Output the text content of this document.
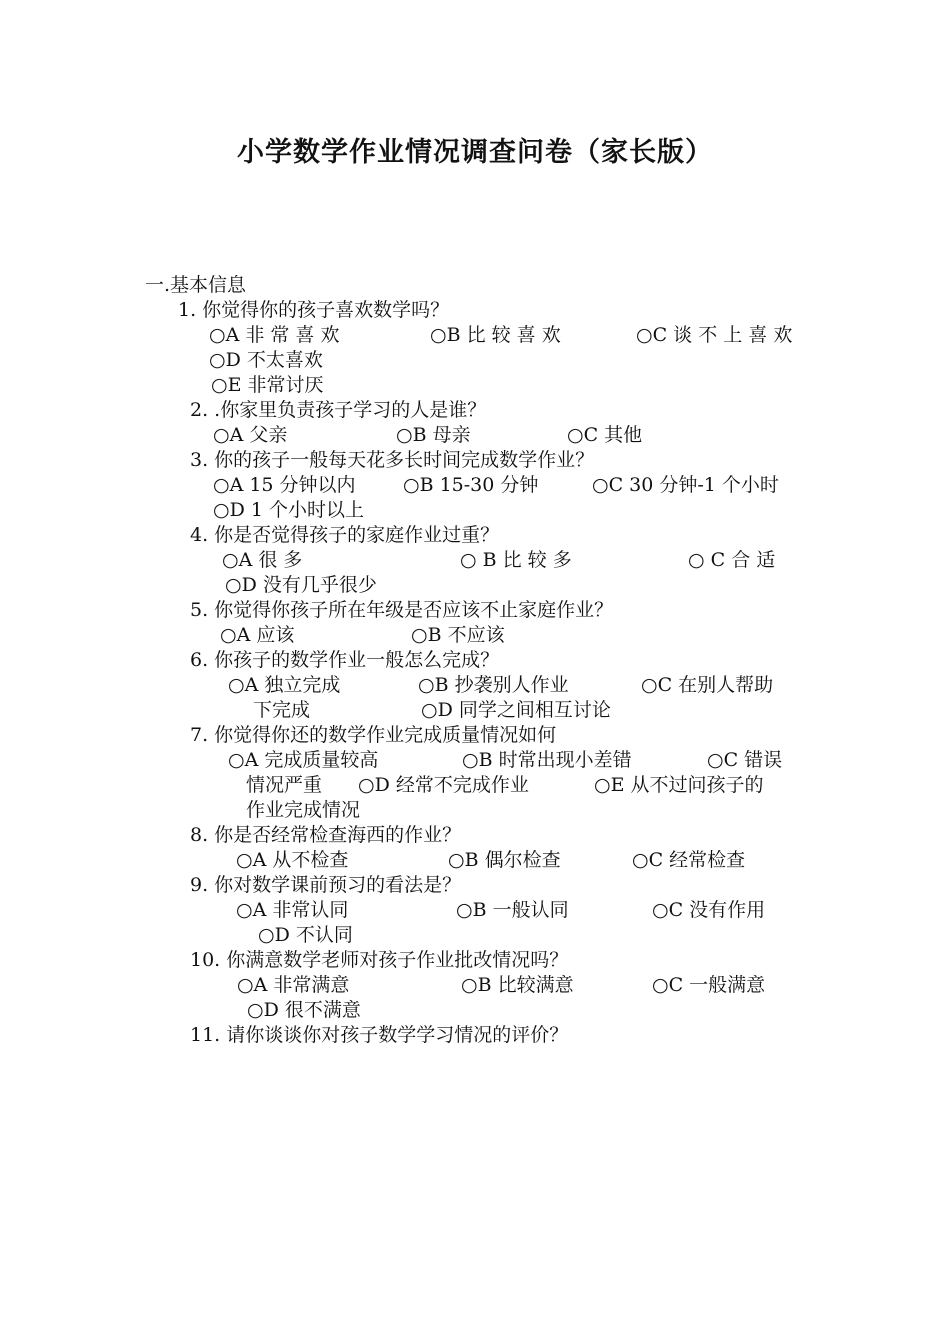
小学数学作业情况调查问卷（家长版）
一.基本信息
1. 你觉得你的孩子喜欢数学吗？
○A 非 常 喜 欢	○B 比 较 喜 欢	○C 谈 不 上 喜 欢
○D 不太喜欢
○E 非常讨厌
2. .你家里负责孩子学习的人是谁？
○A 父亲	○B 母亲	○C 其他
3. 你的孩子一般每天花多长时间完成数学作业？
○A 15 分钟以内 ○B 15-30 分钟	○C 30 分钟-1 个小时
○D 1 个小时以上
4. 你是否觉得孩子的家庭作业过重？
○A 很 多	○ B 比 较 多	○ C 合 适
○D 没有几乎很少
5. 你觉得你孩子所在年级是否应该不止家庭作业？
○A 应该	○B 不应该
6. 你孩子的数学作业一般怎么完成？
○A 独立完成	○B 抄袭别人作业	○C 在别人帮助
下完成	○D 同学之间相互讨论
7. 你觉得你还的数学作业完成质量情况如何
○A 完成质量较高	○B 时常出现小差错	○C 错误
情况严重 ○D 经常不完成作业	○E 从不过问孩子的
作业完成情况
8. 你是否经常检查海西的作业？
○A 从不检查	○B 偶尔检查	○C 经常检查
9. 你对数学课前预习的看法是？
○A 非常认同	○B 一般认同	○C 没有作用
○D 不认同
10. 你满意数学老师对孩子作业批改情况吗？
○A 非常满意	○B 比较满意	○C 一般满意
○D 很不满意
11. 请你谈谈你对孩子数学学习情况的评价？
